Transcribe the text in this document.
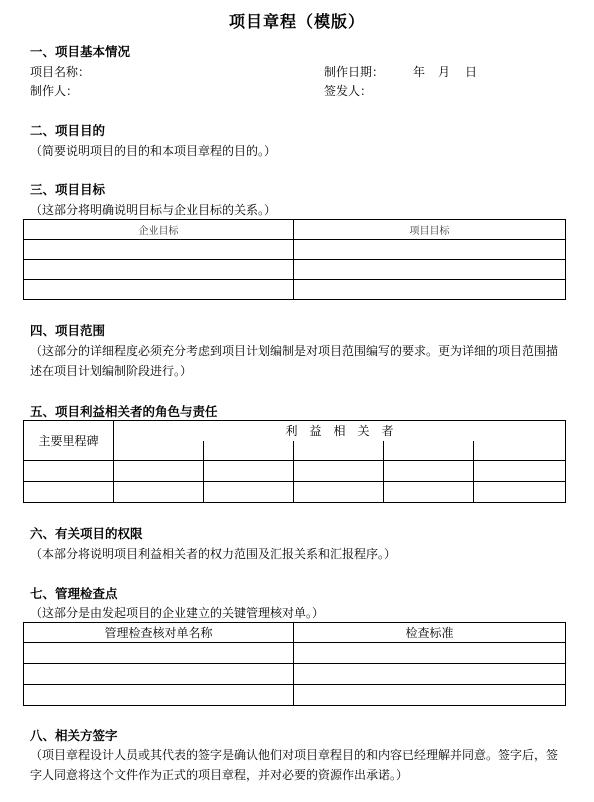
项目章程（模版）
一、项目基本情况
项目名称：	制作日期： 年 月 日
制作人：	签发人：
二、项目目的
（简要说明项目的目的和本项目章程的目的。）
三、项目目标
（这部分将明确说明目标与企业目标的关系。）
企业目标	项目目标

四、项目范围
（这部分的详细程度必须充分考虑到项目计划编制是对项目范围编写的要求。更为详细的项目范围描述在项目计划编制阶段进行。）
五、项目利益相关者的角色与责任
主要里程碑	利　益　相　关　者				

六、有关项目的权限
（本部分将说明项目利益相关者的权力范围及汇报关系和汇报程序。）
七、管理检查点
（这部分是由发起项目的企业建立的关键管理核对单。）
管理检查核对单名称	检查标准

八、相关方签字
（项目章程设计人员或其代表的签字是确认他们对项目章程目的和内容已经理解并同意。签字后，签字人同意将这个文件作为正式的项目章程，并对必要的资源作出承诺。）
